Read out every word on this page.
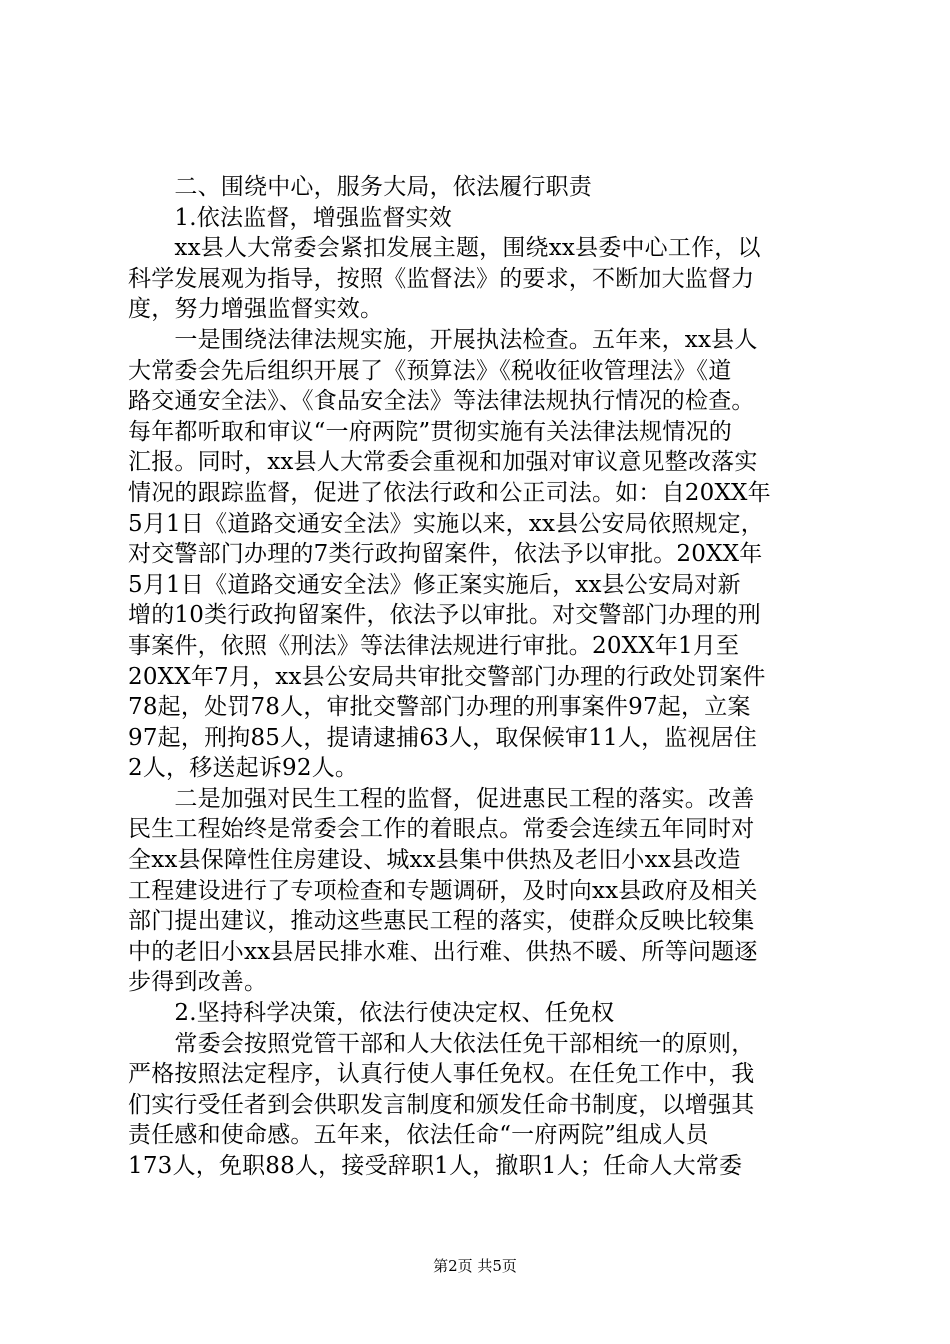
　　二、围绕中心，服务大局，依法履行职责
　　1.依法监督，增强监督实效
　　xx县人大常委会紧扣发展主题，围绕xx县委中心工作，以
科学发展观为指导，按照《监督法》的要求，不断加大监督力
度，努力增强监督实效。
　　一是围绕法律法规实施，开展执法检查。五年来，xx县人
大常委会先后组织开展了《预算法》《税收征收管理法》《道
路交通安全法》、《食品安全法》等法律法规执行情况的检查。
每年都听取和审议“一府两院”贯彻实施有关法律法规情况的
汇报。同时，xx县人大常委会重视和加强对审议意见整改落实
情况的跟踪监督，促进了依法行政和公正司法。如：自20XX年
5月1日《道路交通安全法》实施以来，xx县公安局依照规定，
对交警部门办理的7类行政拘留案件，依法予以审批。20XX年
5月1日《道路交通安全法》修正案实施后，xx县公安局对新
增的10类行政拘留案件，依法予以审批。对交警部门办理的刑
事案件，依照《刑法》等法律法规进行审批。20XX年1月至
20XX年7月，xx县公安局共审批交警部门办理的行政处罚案件
78起，处罚78人，审批交警部门办理的刑事案件97起，立案
97起，刑拘85人，提请逮捕63人，取保候审11人，监视居住
2人，移送起诉92人。
　　二是加强对民生工程的监督，促进惠民工程的落实。改善
民生工程始终是常委会工作的着眼点。常委会连续五年同时对
全xx县保障性住房建设、城xx县集中供热及老旧小xx县改造
工程建设进行了专项检查和专题调研，及时向xx县政府及相关
部门提出建议，推动这些惠民工程的落实，使群众反映比较集
中的老旧小xx县居民排水难、出行难、供热不暖、所等问题逐
步得到改善。
　　2.坚持科学决策，依法行使决定权、任免权
　　常委会按照党管干部和人大依法任免干部相统一的原则，
严格按照法定程序，认真行使人事任免权。在任免工作中，我
们实行受任者到会供职发言制度和颁发任命书制度，以增强其
责任感和使命感。五年来，依法任命“一府两院”组成人员
173人，免职88人，接受辞职1人，撤职1人；任命人大常委
第2页 共5页
